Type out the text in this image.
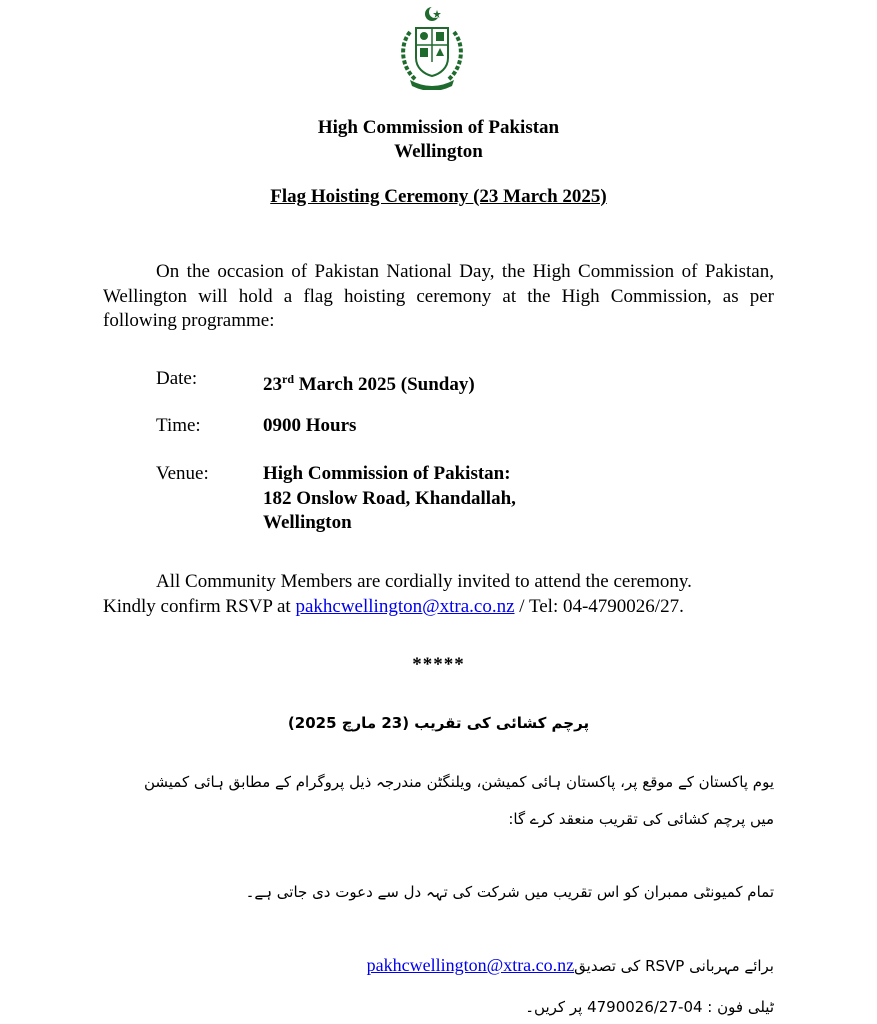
High Commission of Pakistan
Wellington
Flag Hoisting Ceremony (23 March 2025)
On the occasion of Pakistan National Day, the High Commission of Pakistan, Wellington will hold a flag hoisting ceremony at the High Commission, as per following programme:
Date:	23rd March 2025 (Sunday)
Time:	0900 Hours
Venue:	High Commission of Pakistan:
182 Onslow Road, Khandallah,
Wellington
All Community Members are cordially invited to attend the ceremony.
Kindly confirm RSVP at pakhcwellington@xtra.co.nz / Tel: 04-4790026/27.
*****
پرچم کشائی کی تقریب (23 مارچ 2025)
یوم پاکستان کے موقع پر، پاکستان ہائی کمیشن، ویلنگٹن مندرجہ ذیل پروگرام کے مطابق ہائی کمیشن
میں پرچم کشائی کی تقریب منعقد کرے گا:
تمام کمیونٹی ممبران کو اس تقریب میں شرکت کی تہہ دل سے دعوت دی جاتی ہے۔
برائے مہربانی RSVP کی تصدیقpakhcwellington@xtra.co.nz
ٹیلی فون : 04-4790026/27 پر کریں۔
